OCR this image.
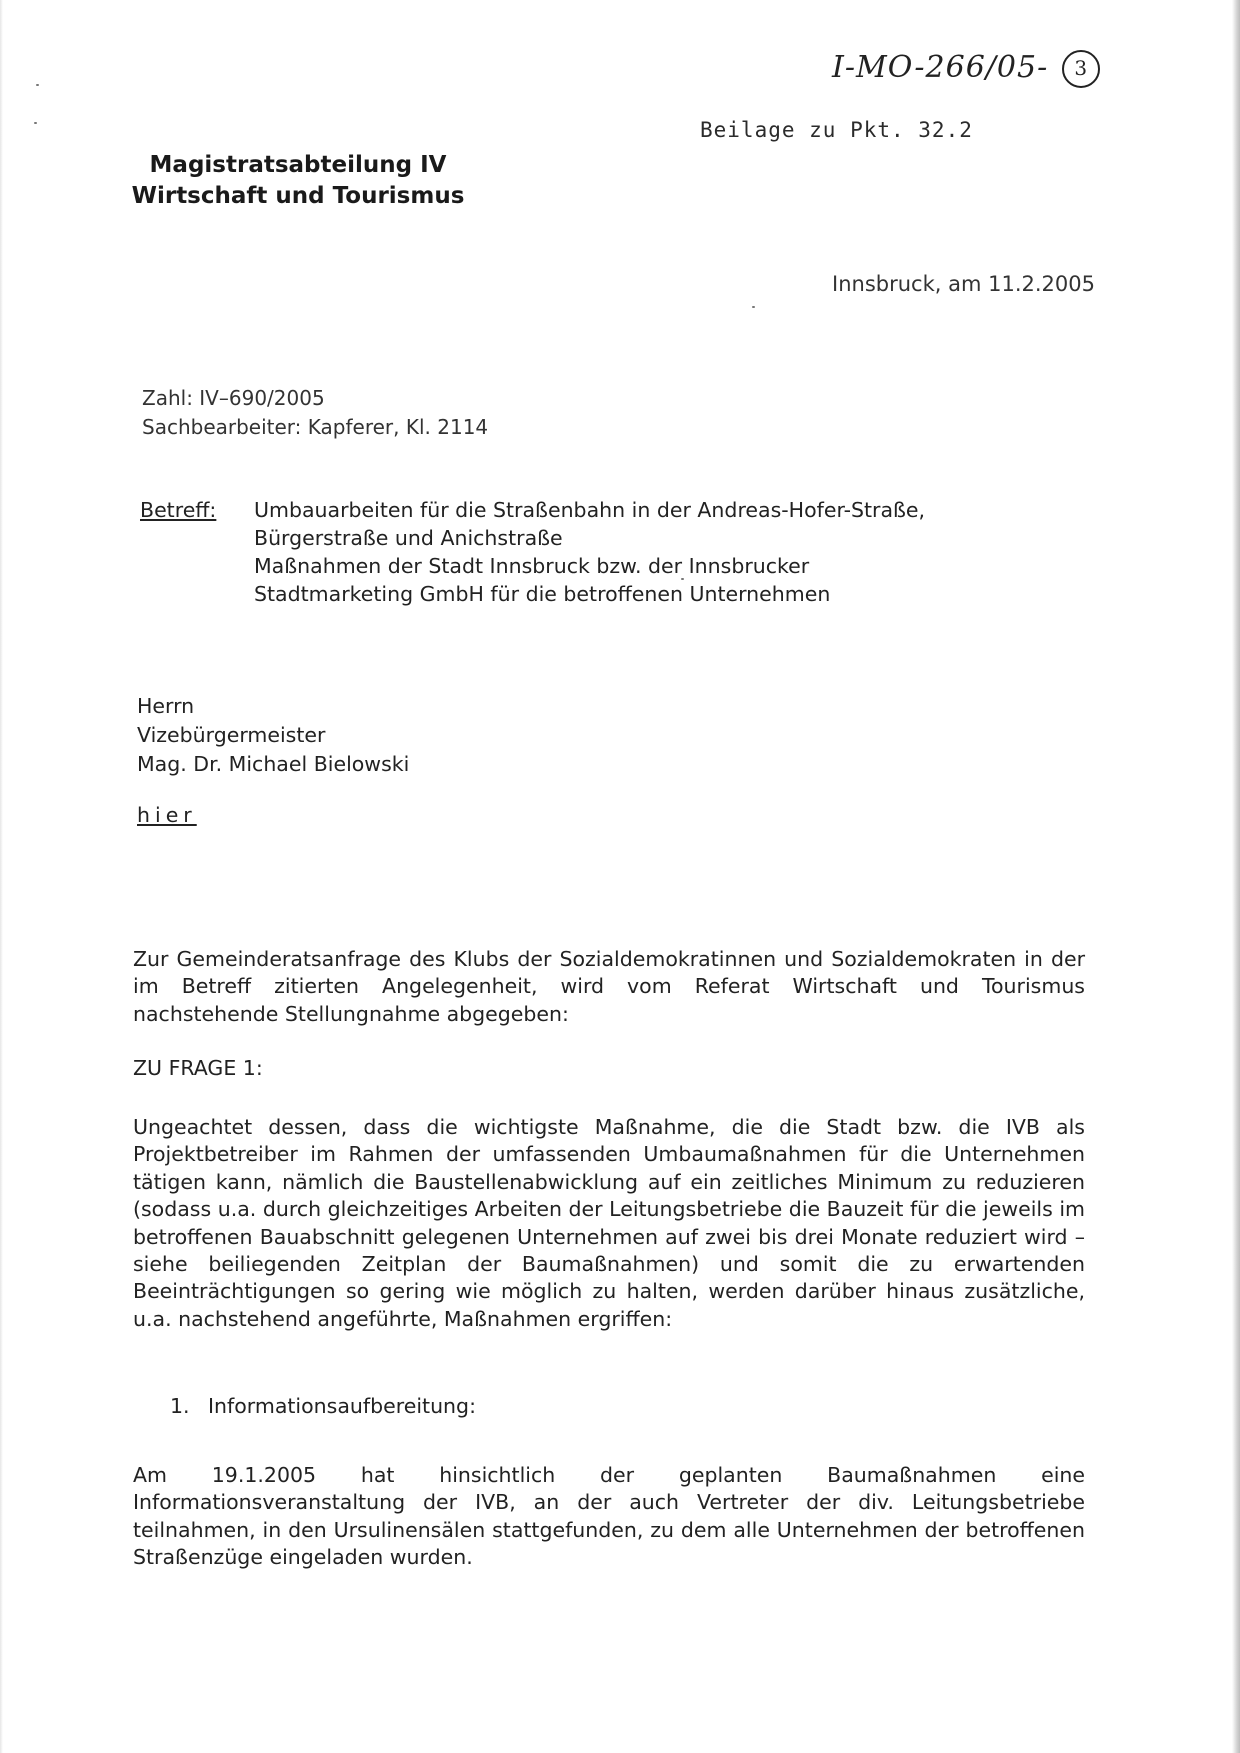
I-MO-266/05- 3
Beilage zu Pkt. 32.2
Magistratsabteilung IV
Wirtschaft und Tourismus
Innsbruck, am 11.2.2005
Zahl: IV–690/2005
Sachbearbeiter: Kapferer, Kl. 2114
Betreff: Umbauarbeiten für die Straßenbahn in der Andreas-Hofer-Straße,
Bürgerstraße und Anichstraße
Maßnahmen der Stadt Innsbruck bzw. der Innsbrucker
Stadtmarketing GmbH für die betroffenen Unternehmen
Herrn
Vizebürgermeister
Mag. Dr. Michael Bielowski
hier
Zur Gemeinderatsanfrage des Klubs der Sozialdemokratinnen und Sozialdemokraten in der im Betreff zitierten Angelegenheit, wird vom Referat Wirtschaft und Tourismus nachstehende Stellungnahme abgegeben:
ZU FRAGE 1:
Ungeachtet dessen, dass die wichtigste Maßnahme, die die Stadt bzw. die IVB als Projektbetreiber im Rahmen der umfassenden Umbaumaßnahmen für die Unternehmen tätigen kann, nämlich die Baustellenabwicklung auf ein zeitliches Minimum zu reduzieren (sodass u.a. durch gleichzeitiges Arbeiten der Leitungsbetriebe die Bauzeit für die jeweils im betroffenen Bauabschnitt gelegenen Unternehmen auf zwei bis drei Monate reduziert wird – siehe beiliegenden Zeitplan der Baumaßnahmen) und somit die zu erwartenden Beeinträchtigungen so gering wie möglich zu halten, werden darüber hinaus zusätzliche, u.a. nachstehend angeführte, Maßnahmen ergriffen:
1. Informationsaufbereitung:
Am 19.1.2005 hat hinsichtlich der geplanten Baumaßnahmen eine Informationsveranstaltung der IVB, an der auch Vertreter der div. Leitungsbetriebe teilnahmen, in den Ursulinensälen stattgefunden, zu dem alle Unternehmen der betroffenen Straßenzüge eingeladen wurden.
